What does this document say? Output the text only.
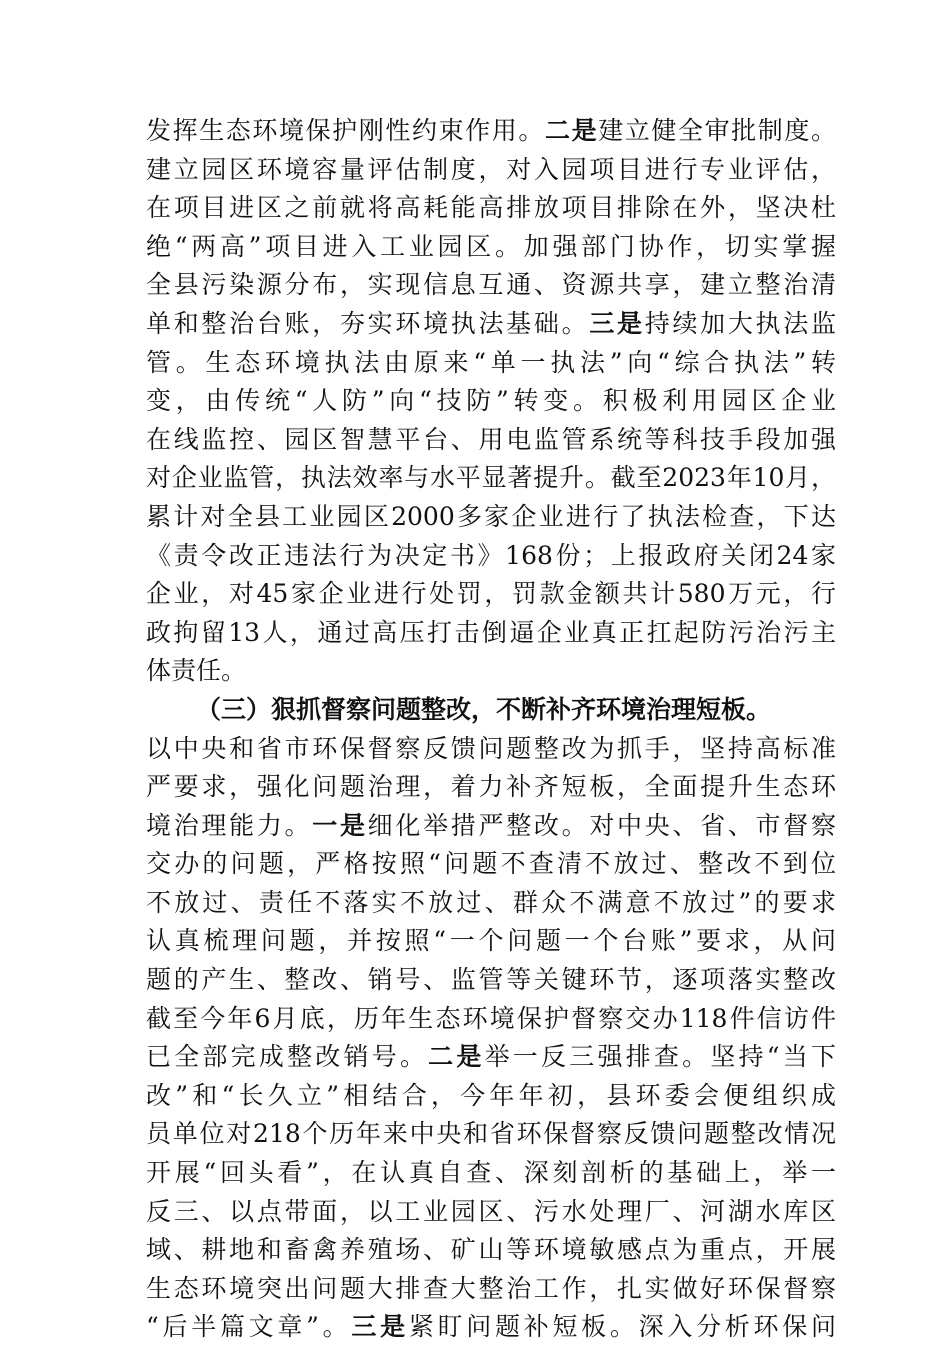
发挥生态环境保护刚性约束作用。二是建立健全审批制度。
建立园区环境容量评估制度，对入园项目进行专业评估，
在项目进区之前就将高耗能高排放项目排除在外，坚决杜
绝“两高”项目进入工业园区。加强部门协作，切实掌握
全县污染源分布，实现信息互通、资源共享，建立整治清
单和整治台账，夯实环境执法基础。三是持续加大执法监
管。生态环境执法由原来“单一执法”向“综合执法”转
变，由传统“人防”向“技防”转变。积极利用园区企业
在线监控、园区智慧平台、用电监管系统等科技手段加强
对企业监管，执法效率与水平显著提升。截至2023年10月，
累计对全县工业园区2000多家企业进行了执法检查，下达
《责令改正违法行为决定书》168份；上报政府关闭24家
企业，对45家企业进行处罚，罚款金额共计580万元，行
政拘留13人，通过高压打击倒逼企业真正扛起防污治污主
体责任。
（三）狠抓督察问题整改，不断补齐环境治理短板。
以中央和省市环保督察反馈问题整改为抓手，坚持高标准
严要求，强化问题治理，着力补齐短板，全面提升生态环
境治理能力。一是细化举措严整改。对中央、省、市督察
交办的问题，严格按照“问题不查清不放过、整改不到位
不放过、责任不落实不放过、群众不满意不放过”的要求
认真梳理问题，并按照“一个问题一个台账”要求，从问
题的产生、整改、销号、监管等关键环节，逐项落实整改
截至今年6月底，历年生态环境保护督察交办118件信访件
已全部完成整改销号。二是举一反三强排查。坚持“当下
改”和“长久立”相结合，今年年初，县环委会便组织成
员单位对218个历年来中央和省环保督察反馈问题整改情况
开展“回头看”，在认真自查、深刻剖析的基础上，举一
反三、以点带面，以工业园区、污水处理厂、河湖水库区
域、耕地和畜禽养殖场、矿山等环境敏感点为重点，开展
生态环境突出问题大排查大整治工作，扎实做好环保督察
“后半篇文章”。三是紧盯问题补短板。深入分析环保问
